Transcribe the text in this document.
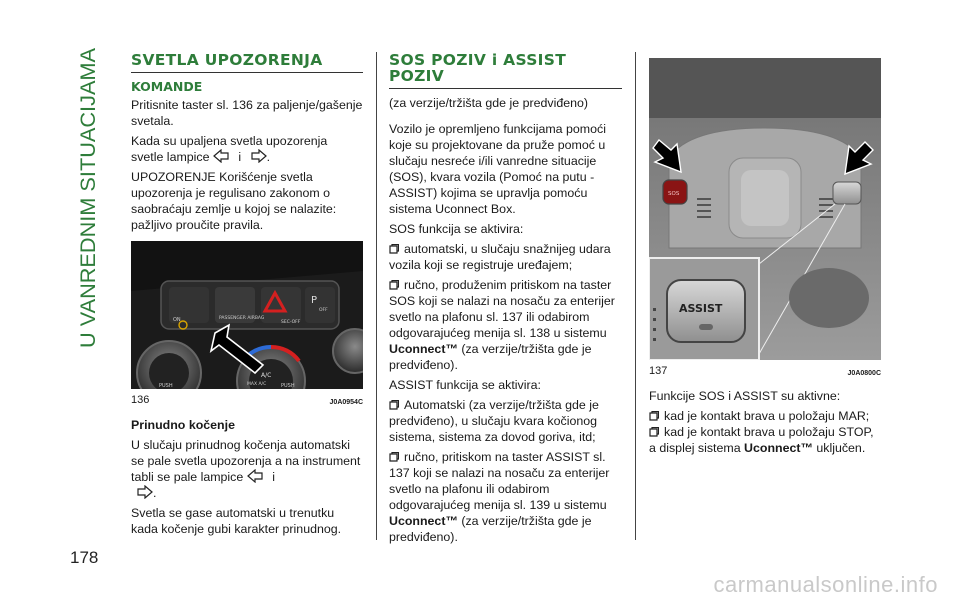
U VANREDNIM SITUACIJAMA SVETLA UPOZORENJA
KOMANDE

Pritisnite taster sl. 136 za paljenje/gašenje svetala.

Kada su upaljena svetla upozorenja svetle lampice i .

UPOZORENJE Korišćenje svetla upozorenja je regulisano zakonom o saobraćaju zemlje u kojoj se nalazite: pažljivo proučite pravila.

P
ON	PASSENGER AIRBAG
SEC-OFF
OFF
A/C
MAX A/C
PUSH	PUSH
136	J0A0954C

Prinudno kočenje

U slučaju prinudnog kočenja automatski se pale svetla upozorenja a na instrument tabli se pale lampice i
.

Svetla se gase automatski u trenutku kada kočenje gubi karakter prinudnog.

SOS POZIV i ASSIST POZIV

(za verzije/tržišta gde je predviđeno)

Vozilo je opremljeno funkcijama pomoći koje su projektovane da pruže pomoć u slučaju nesreće i/ili vanredne situacije (SOS), kvara vozila (Pomoć na putu - ASSIST) kojima se upravlja pomoću sistema Uconnect Box.

SOS funkcija se aktivira:

automatski, u slučaju snažnijeg udara vozila koji se registruje uređajem;

ručno, produženim pritiskom na taster SOS koji se nalazi na nosaču za enterijer svetlo na plafonu sl. 137 ili odabirom odgovarajućeg menija sl. 138 u sistemu Uconnect™ (za verzije/tržišta gde je predviđeno).

ASSIST funkcija se aktivira:

Automatski (za verzije/tržišta gde je predviđeno), u slučaju kvara kočionog sistema, sistema za dovod goriva, itd;

ručno, pritiskom na taster ASSIST sl. 137 koji se nalazi na nosaču za enterijer svetlo na plafonu ili odabirom odgovarajućeg menija sl. 139 u sistemu Uconnect™ (za verzije/tržišta gde je predviđeno).

SOS
ASSIST
137	J0A0800C

Funkcije SOS i ASSIST su aktivne:

kad je kontakt brava u položaju MAR;

kad je kontakt brava u položaju STOP,

a displej sistema Uconnect™ uključen.

178
carmanualsonline.info
